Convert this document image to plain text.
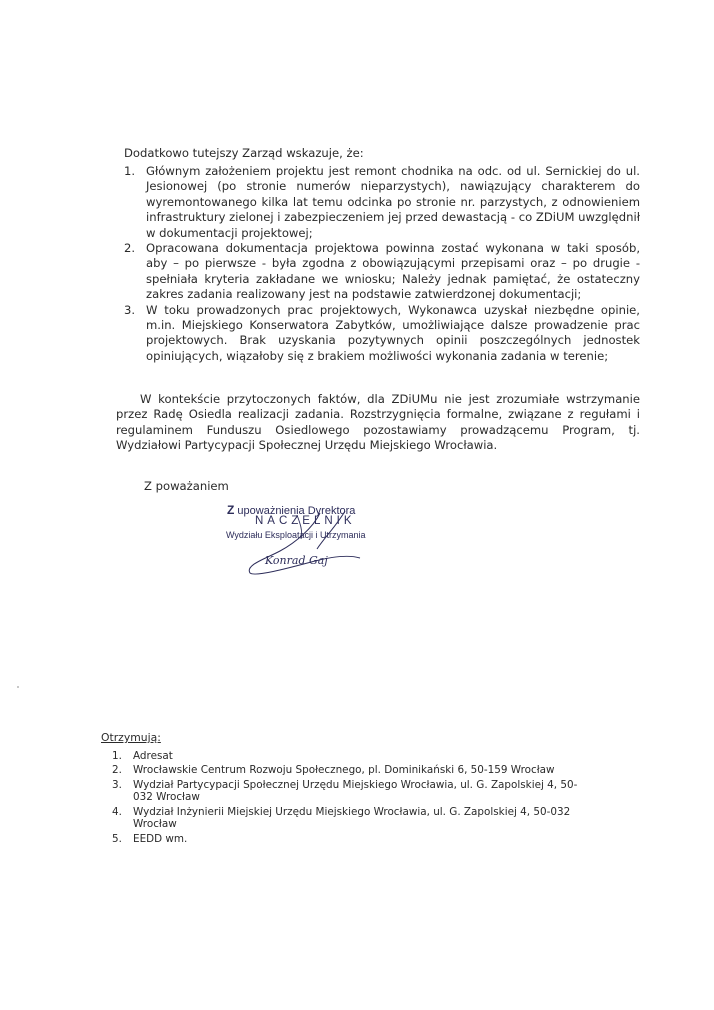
Dodatkowo tutejszy Zarząd wskazuje, że:
1. Głównym założeniem projektu jest remont chodnika na odc. od ul. Sernickiej do ul. Jesionowej (po stronie numerów nieparzystych), nawiązujący charakterem do wyremontowanego kilka lat temu odcinka po stronie nr. parzystych, z odnowieniem infrastruktury zielonej i zabezpieczeniem jej przed dewastacją - co ZDiUM uwzględnił w dokumentacji projektowej;
2. Opracowana dokumentacja projektowa powinna zostać wykonana w taki sposób, aby – po pierwsze - była zgodna z obowiązującymi przepisami oraz – po drugie - spełniała kryteria zakładane we wniosku; Należy jednak pamiętać, że ostateczny zakres zadania realizowany jest na podstawie zatwierdzonej dokumentacji;
3. W toku prowadzonych prac projektowych, Wykonawca uzyskał niezbędne opinie, m.in. Miejskiego Konserwatora Zabytków, umożliwiające dalsze prowadzenie prac projektowych. Brak uzyskania pozytywnych opinii poszczególnych jednostek opiniujących, wiązałoby się z brakiem możliwości wykonania zadania w terenie;
W kontekście przytoczonych faktów, dla ZDiUMu nie jest zrozumiałe wstrzymanie przez Radę Osiedla realizacji zadania. Rozstrzygnięcia formalne, związane z regułami i regulaminem Funduszu Osiedlowego pozostawiamy prowadzącemu Program, tj. Wydziałowi Partycypacji Społecznej Urzędu Miejskiego Wrocławia.
Z poważaniem
Z upoważnienia Dyrektora
NACZELNIK
Wydziału Eksploatacji i Utrzymania
Konrad Gaj
Otrzymują:
1. Adresat
2. Wrocławskie Centrum Rozwoju Społecznego, pl. Dominikański 6, 50-159 Wrocław
3. Wydział Partycypacji Społecznej Urzędu Miejskiego Wrocławia, ul. G. Zapolskiej 4, 50-032 Wrocław
4. Wydział Inżynierii Miejskiej Urzędu Miejskiego Wrocławia, ul. G. Zapolskiej 4, 50-032 Wrocław
5. EEDD wm.
